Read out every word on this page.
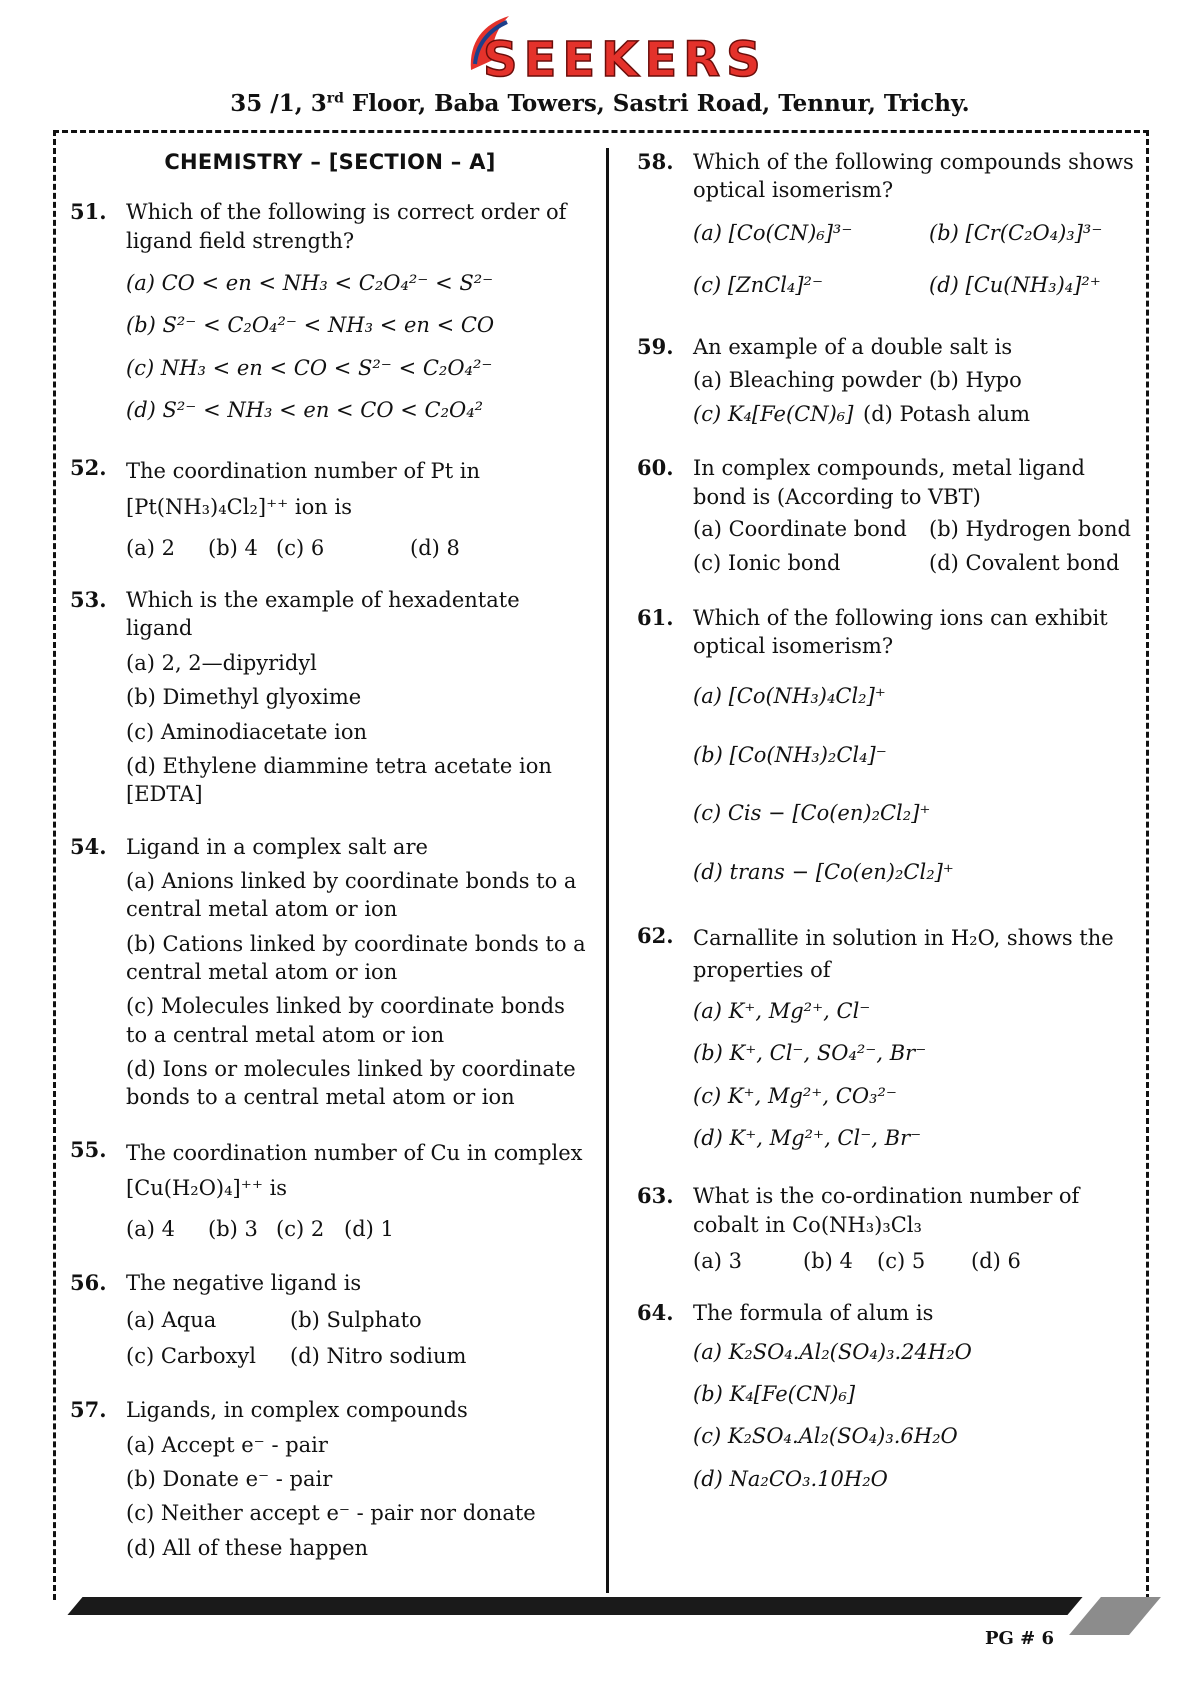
SEEKERS
35 /1, 3rd Floor, Baba Towers, Sastri Road, Tennur, Trichy.
CHEMISTRY – [SECTION – A]
51. Which of the following is correct order of ligand field strength?
(a) CO < en < NH₃ < C₂O₄²⁻ < S²⁻
(b) S²⁻ < C₂O₄²⁻ < NH₃ < en < CO
(c) NH₃ < en < CO < S²⁻ < C₂O₄²⁻
(d) S²⁻ < NH₃ < en < CO < C₂O₄²
52. The coordination number of Pt in [Pt(NH₃)₄Cl₂]⁺⁺ ion is
(a) 2	(b) 4 (c) 6	(d) 8
53. Which is the example of hexadentate ligand
(a) 2, 2—dipyridyl
(b) Dimethyl glyoxime
(c) Aminodiacetate ion
(d) Ethylene diammine tetra acetate ion [EDTA]
54. Ligand in a complex salt are
(a) Anions linked by coordinate bonds to a central metal atom or ion
(b) Cations linked by coordinate bonds to a central metal atom or ion
(c) Molecules linked by coordinate bonds to a central metal atom or ion
(d) Ions or molecules linked by coordinate bonds to a central metal atom or ion
55. The coordination number of Cu in complex [Cu(H₂O)₄]⁺⁺ is
(a) 4	(b) 3 (c) 2 (d) 1
56. The negative ligand is
(a) Aqua	(b) Sulphato
(c) Carboxyl	(d) Nitro sodium
57. Ligands, in complex compounds
(a) Accept e⁻ - pair
(b) Donate e⁻ - pair
(c) Neither accept e⁻ - pair nor donate
(d) All of these happen
58. Which of the following compounds shows optical isomerism?
(a) [Co(CN)₆]³⁻	(b) [Cr(C₂O₄)₃]³⁻
(c) [ZnCl₄]²⁻	(d) [Cu(NH₃)₄]²⁺
59. An example of a double salt is
(a) Bleaching powder (b) Hypo
(c) K₄[Fe(CN)₆] (d) Potash alum
60. In complex compounds, metal ligand bond is (According to VBT)
(a) Coordinate bond	(b) Hydrogen bond
(c) Ionic bond	(d) Covalent bond
61. Which of the following ions can exhibit optical isomerism?
(a) [Co(NH₃)₄Cl₂]⁺
(b) [Co(NH₃)₂Cl₄]⁻
(c) Cis − [Co(en)₂Cl₂]⁺
(d) trans − [Co(en)₂Cl₂]⁺
62. Carnallite in solution in H₂O, shows the properties of
(a) K⁺, Mg²⁺, Cl⁻
(b) K⁺, Cl⁻, SO₄²⁻, Br⁻
(c) K⁺, Mg²⁺, CO₃²⁻
(d) K⁺, Mg²⁺, Cl⁻, Br⁻
63. What is the co-ordination number of cobalt in Co(NH₃)₃Cl₃
(a) 3	(b) 4	(c) 5	(d) 6
64. The formula of alum is
(a) K₂SO₄.Al₂(SO₄)₃.24H₂O
(b) K₄[Fe(CN)₆]
(c) K₂SO₄.Al₂(SO₄)₃.6H₂O
(d) Na₂CO₃.10H₂O
PG # 6
